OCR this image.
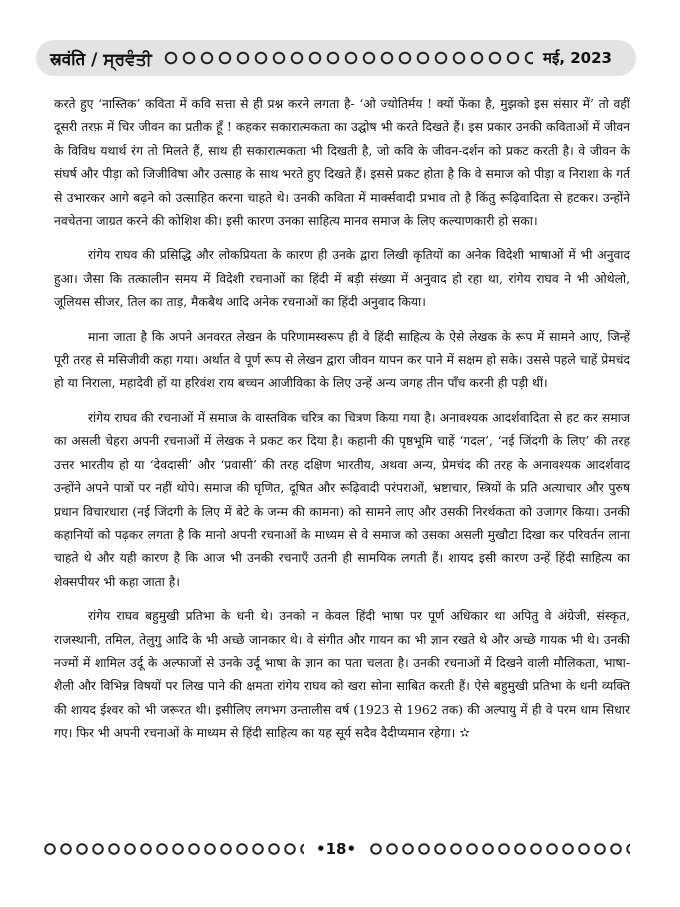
स्रवंति / ਸ੍ਰਵੰਤੀ	मई, 2023

करते हुए ‘नास्तिक’ कविता में कवि सत्ता से ही प्रश्न करने लगता है- ‘ओ ज्योतिर्मय ! क्यों फेंका है, मुझको इस संसार में’ तो वहीं दूसरी तरफ़ में चिर जीवन का प्रतीक हूँ ! कहकर सकारात्मकता का उद्घोष भी करते दिखते हैं। इस प्रकार उनकी कविताओं में जीवन के विविध यथार्थ रंग तो मिलते हैं, साथ ही सकारात्मकता भी दिखती है, जो कवि के जीवन-दर्शन को प्रकट करती है। वे जीवन के संघर्ष और पीड़ा को जिजीविषा और उत्साह के साथ भरते हुए दिखते हैं। इससे प्रकट होता है कि वे समाज को पीड़ा व निराशा के गर्त से उभारकर आगे बढ़ने को उत्साहित करना चाहते थे। उनकी कविता में मार्क्सवादी प्रभाव तो है किंतु रूढ़िवादिता से हटकर। उन्होंने नवचेतना जाग्रत करने की कोशिश की। इसी कारण उनका साहित्य मानव समाज के लिए कल्याणकारी हो सका।

रांगेय राघव की प्रसिद्धि और लोकप्रियता के कारण ही उनके द्वारा लिखी कृतियों का अनेक विदेशी भाषाओं में भी अनुवाद हुआ। जैसा कि तत्कालीन समय में विदेशी रचनाओं का हिंदी में बड़ी संख्या में अनुवाद हो रहा था, रांगेय राघव ने भी ओथेलो, जूलियस सीजर, तिल का ताड़, मैकबैथ आदि अनेक रचनाओं का हिंदी अनुवाद किया।

माना जाता है कि अपने अनवरत लेखन के परिणामस्वरूप ही वे हिंदी साहित्य के ऐसे लेखक के रूप में सामने आए, जिन्हें पूरी तरह से मसिजीवी कहा गया। अर्थात वे पूर्ण रूप से लेखन द्वारा जीवन यापन कर पाने में सक्षम हो सके। उससे पहले चाहें प्रेमचंद हो या निराला, महादेवी हों या हरिवंश राय बच्चन आजीविका के लिए उन्हें अन्य जगह तीन पाँच करनी ही पड़ी थीं।

रांगेय राघव की रचनाओं में समाज के वास्तविक चरित्र का चित्रण किया गया है। अनावश्यक आदर्शवादिता से हट कर समाज का असली चेहरा अपनी रचनाओं में लेखक ने प्रकट कर दिया है। कहानी की पृष्ठभूमि चाहें ‘गदल’, ‘नई जिंदगी के लिए’ की तरह उत्तर भारतीय हो या ‘देवदासी’ और ‘प्रवासी’ की तरह दक्षिण भारतीय, अथवा अन्य, प्रेमचंद की तरह के अनावश्यक आदर्शवाद उन्होंने अपने पात्रों पर नहीं थोपे। समाज की घृणित, दूषित और रूढ़िवादी परंपराओं, भ्रष्टाचार, स्त्रियों के प्रति अत्याचार और पुरुष प्रधान विचारधारा (नई जिंदगी के लिए में बेटे के जन्म की कामना) को सामने लाए और उसकी निरर्थकता को उजागर किया। उनकी कहानियों को पढ़कर लगता है कि मानो अपनी रचनाओं के माध्यम से वे समाज को उसका असली मुखौटा दिखा कर परिवर्तन लाना चाहते थे और यही कारण है कि आज भी उनकी रचनाएँ उतनी ही सामयिक लगती हैं। शायद इसी कारण उन्हें हिंदी साहित्य का शेक्सपीयर भी कहा जाता है।

रांगेय राघव बहुमुखी प्रतिभा के धनी थे। उनको न केवल हिंदी भाषा पर पूर्ण अधिकार था अपितु वे अंग्रेजी, संस्कृत, राजस्थानी, तमिल, तेलुगु आदि के भी अच्छे जानकार थे। वे संगीत और गायन का भी ज्ञान रखते थे और अच्छे गायक भी थे। उनकी नज्मों में शामिल उर्दू के अल्फाजों से उनके उर्दू भाषा के ज्ञान का पता चलता है। उनकी रचनाओं में दिखने वाली मौलिकता, भाषा-शैली और विभिन्न विषयों पर लिख पाने की क्षमता रांगेय राघव को खरा सोना साबित करती हैं। ऐसे बहुमुखी प्रतिभा के धनी व्यक्ति की शायद ईश्वर को भी जरूरत थी। इसीलिए लगभग उन्तालीस वर्ष (1923 से 1962 तक) की अल्पायु में ही वे परम धाम सिधार गए। फिर भी अपनी रचनाओं के माध्यम से हिंदी साहित्य का यह सूर्य सदैव दैदीप्यमान रहेगा। ✫

•18•
